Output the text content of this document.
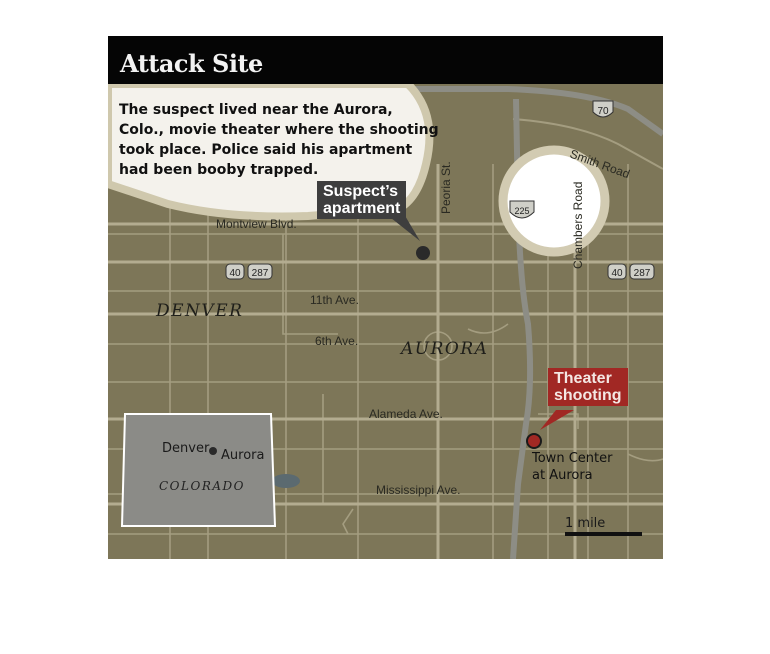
Attack Site
Montview Blvd.
11th Ave.
6th Ave.
Alameda Ave.
Mississippi Ave.
Peoria St.	Chambers Road
Smith Road
DENVER
AURORA
70
225
40 287	40 287
The suspect lived near the Aurora, Colo., movie theater where the shooting took place. Police said his apartment had been booby trapped.
Suspect’s
apartment
Theater
shooting
Town Center
at Aurora
1 mile
Denver Aurora
COLORADO
